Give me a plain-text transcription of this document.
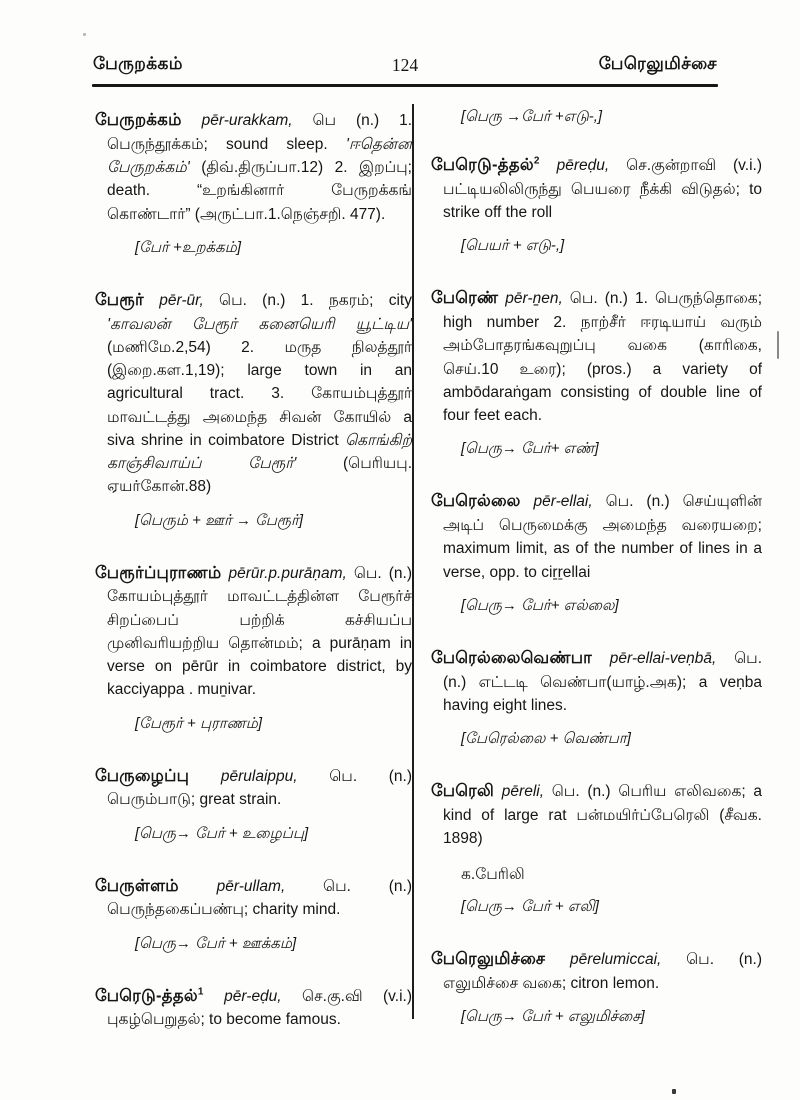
பேருறக்கம்	124	பேரெலுமிச்சை

பேருறக்கம் pēr-urakkam, பெ (n.) 1. பெருந்தூக்கம்; sound sleep. 'ஈதென்ன பேருறக்கம்' (திவ்.திருப்பா.12) 2. இறப்பு; death. “உறங்கினார் பேருறக்கங் கொண்டார்” (அருட்பா.1.நெஞ்சறி. 477).

[பேர் +உறக்கம்]

பேரூர் pēr-ūr, பெ. (n.) 1. நகரம்; city 'காவலன் பேரூர் கனையெரி யூட்டிய' (மணிமே.2,54) 2. மருத நிலத்தூர் (இறை.கள.1,19); large town in an agricultural tract. 3. கோயம்புத்தூர் மாவட்டத்து அமைந்த சிவன் கோயில் a siva shrine in coimbatore District கொங்கிற் காஞ்சிவாய்ப் பேரூர்'	(பெரியபு. ஏயர்கோன்.88)

[பெரும் + ஊர் → பேரூர்]

பேரூர்ப்புராணம் pērūr.p.purāṇam, பெ. (n.) கோயம்புத்தூர் மாவட்டத்தின்ள பேரூர்ச் சிறப்பைப் பற்றிக் கச்சியப்ப முனிவரியற்றிய தொன்மம்; a purāṇam in verse on pērūr in coimbatore district, by kacciyappa . muṉivar.

[பேரூர் + புராணம்]

பேருழைப்பு pērulaippu, பெ. (n.) பெரும்பாடு; great strain.

[பெரு→ பேர் + உழைப்பு]

பேருள்ளம் pēr-ullam, பெ. (n.) பெருந்தகைப்பண்பு; charity mind.

[பெரு→ பேர் + ஊக்கம்]

பேரெடு-த்தல்$^1$ pēr-eḍu, செ.கு.வி (v.i.) புகழ்பெறுதல்; to become famous.

[பெரு →பேர் +எடு-,]

பேரெடு-த்தல்$^2$ pēreḍu, செ.குன்றாவி (v.i.) பட்டியலிலிருந்து பெயரை நீக்கி விடுதல்; to strike off the roll

[பெயர் + எடு-,]

பேரெண் pēr-ṉen, பெ. (n.) 1. பெருந்தொகை; high number 2. நாற்சீர் ஈரடியாய் வரும் அம்போதரங்கவுறுப்பு வகை (காரிகை, செய்.10 உரை); (pros.) a variety of ambōdaraṅgam consisting of double line of four feet each.

[பெரு→ பேர்+ எண்]

பேரெல்லை pēr-ellai, பெ. (n.) செய்யுளின் அடிப் பெருமைக்கு அமைந்த வரையறை; maximum limit, as of the number of lines in a verse, opp. to ciṟṟellai

[பெரு→ பேர்+ எல்லை]

பேரெல்லைவெண்பா pēr-ellai-veṇbā, பெ. (n.) எட்டடி வெண்பா(யாழ்.அக); a veṇba having eight lines.

[பேரெல்லை + வெண்பா]

பேரெலி pēreli, பெ. (n.) பெரிய எலிவகை; a kind of large rat பன்மயிர்ப்பேரெலி (சீவக. 1898)

க.பேரிலி

[பெரு→ பேர் + எலி]

பேரெலுமிச்சை pērelumiccai, பெ. (n.) எலுமிச்சை வகை; citron lemon.

[பெரு→ பேர் + எலுமிச்சை]
